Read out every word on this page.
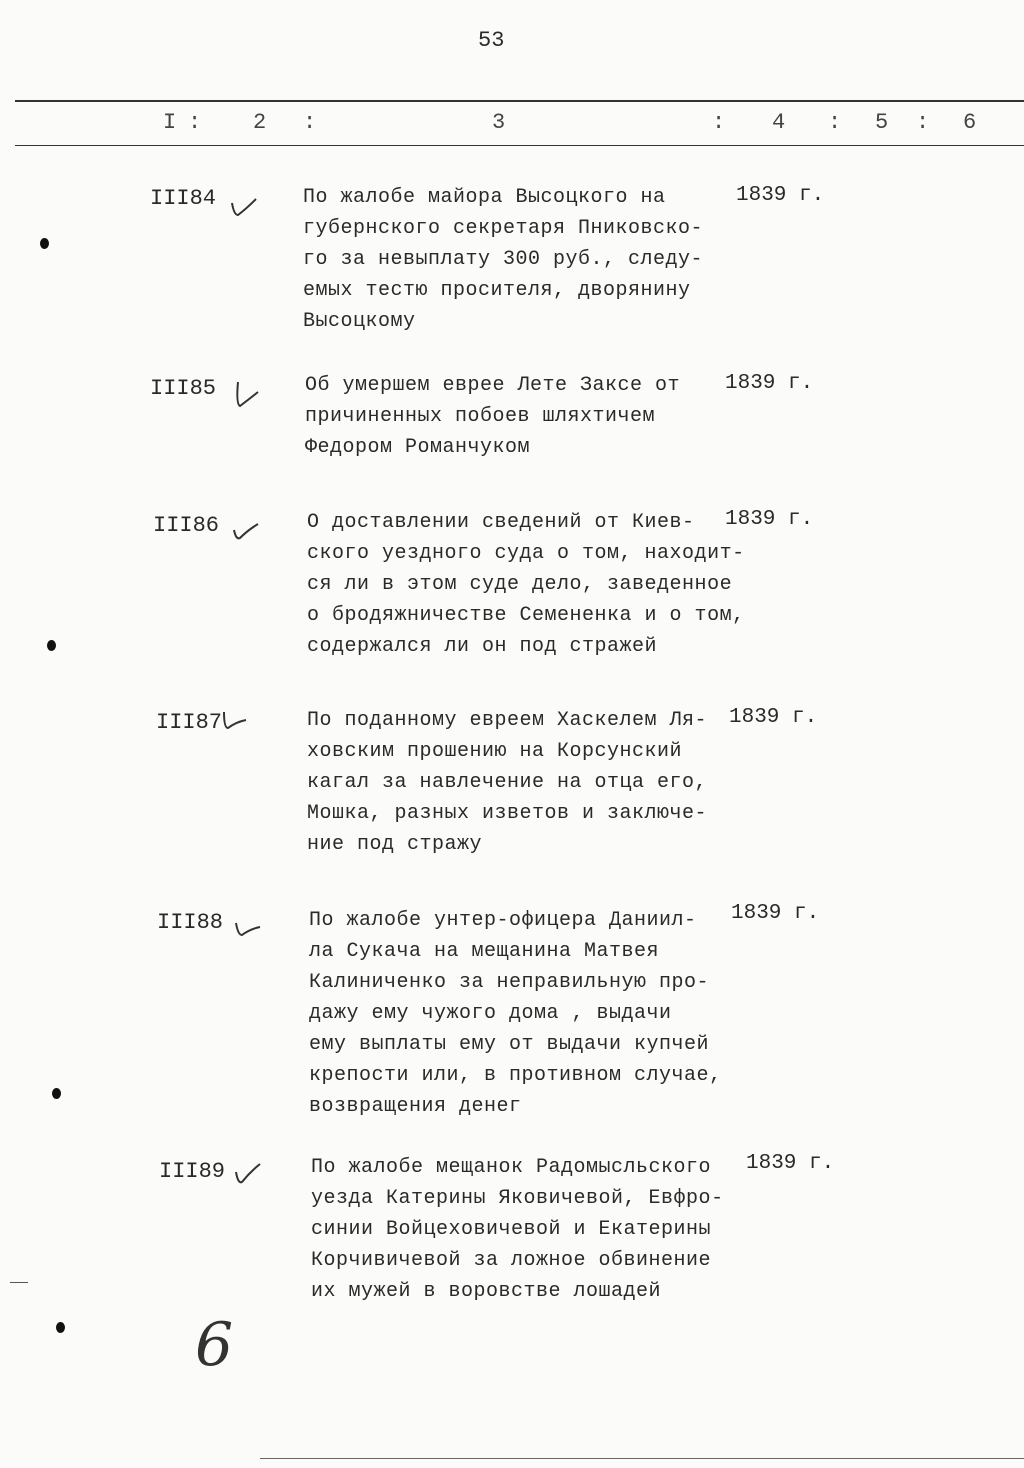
53
I : 2 :	3	: 4 : 5 : 6
III84	По жалобе майора Высоцкого на
губернского секретаря Пниковско-
го за невыплату 300 руб., следу-
емых тестю просителя, дворянину
Высоцкому
1839 г.
III85	Об умершем еврее Лете Заксе от
причиненных побоев шляхтичем
Федором Романчуком
1839 г.
III86	О доставлении сведений от Киев-
ского уездного суда о том, находит-
ся ли в этом суде дело, заведенное
о бродяжничестве Семененка и о том,
содержался ли он под стражей
1839 г.
III87	По поданному евреем Хаскелем Ля-
ховским прошению на Корсунский
кагал за навлечение на отца его,
Мошка, разных изветов и заключе-
ние под стражу
1839 г.
III88	По жалобе унтер-офицера Даниил-
ла Сукача на мещанина Матвея
Калиниченко за неправильную про-
дажу ему чужого дома , выдачи
ему выплаты ему от выдачи купчей
крепости или, в противном случае,
возвращения денег
1839 г.
III89	По жалобе мещанок Радомысльского
уезда Катерины Яковичевой, Евфро-
синии Войцеховичевой и Екатерины
Корчивичевой за ложное обвинение
их мужей в воровстве лошадей
1839 г.
6
